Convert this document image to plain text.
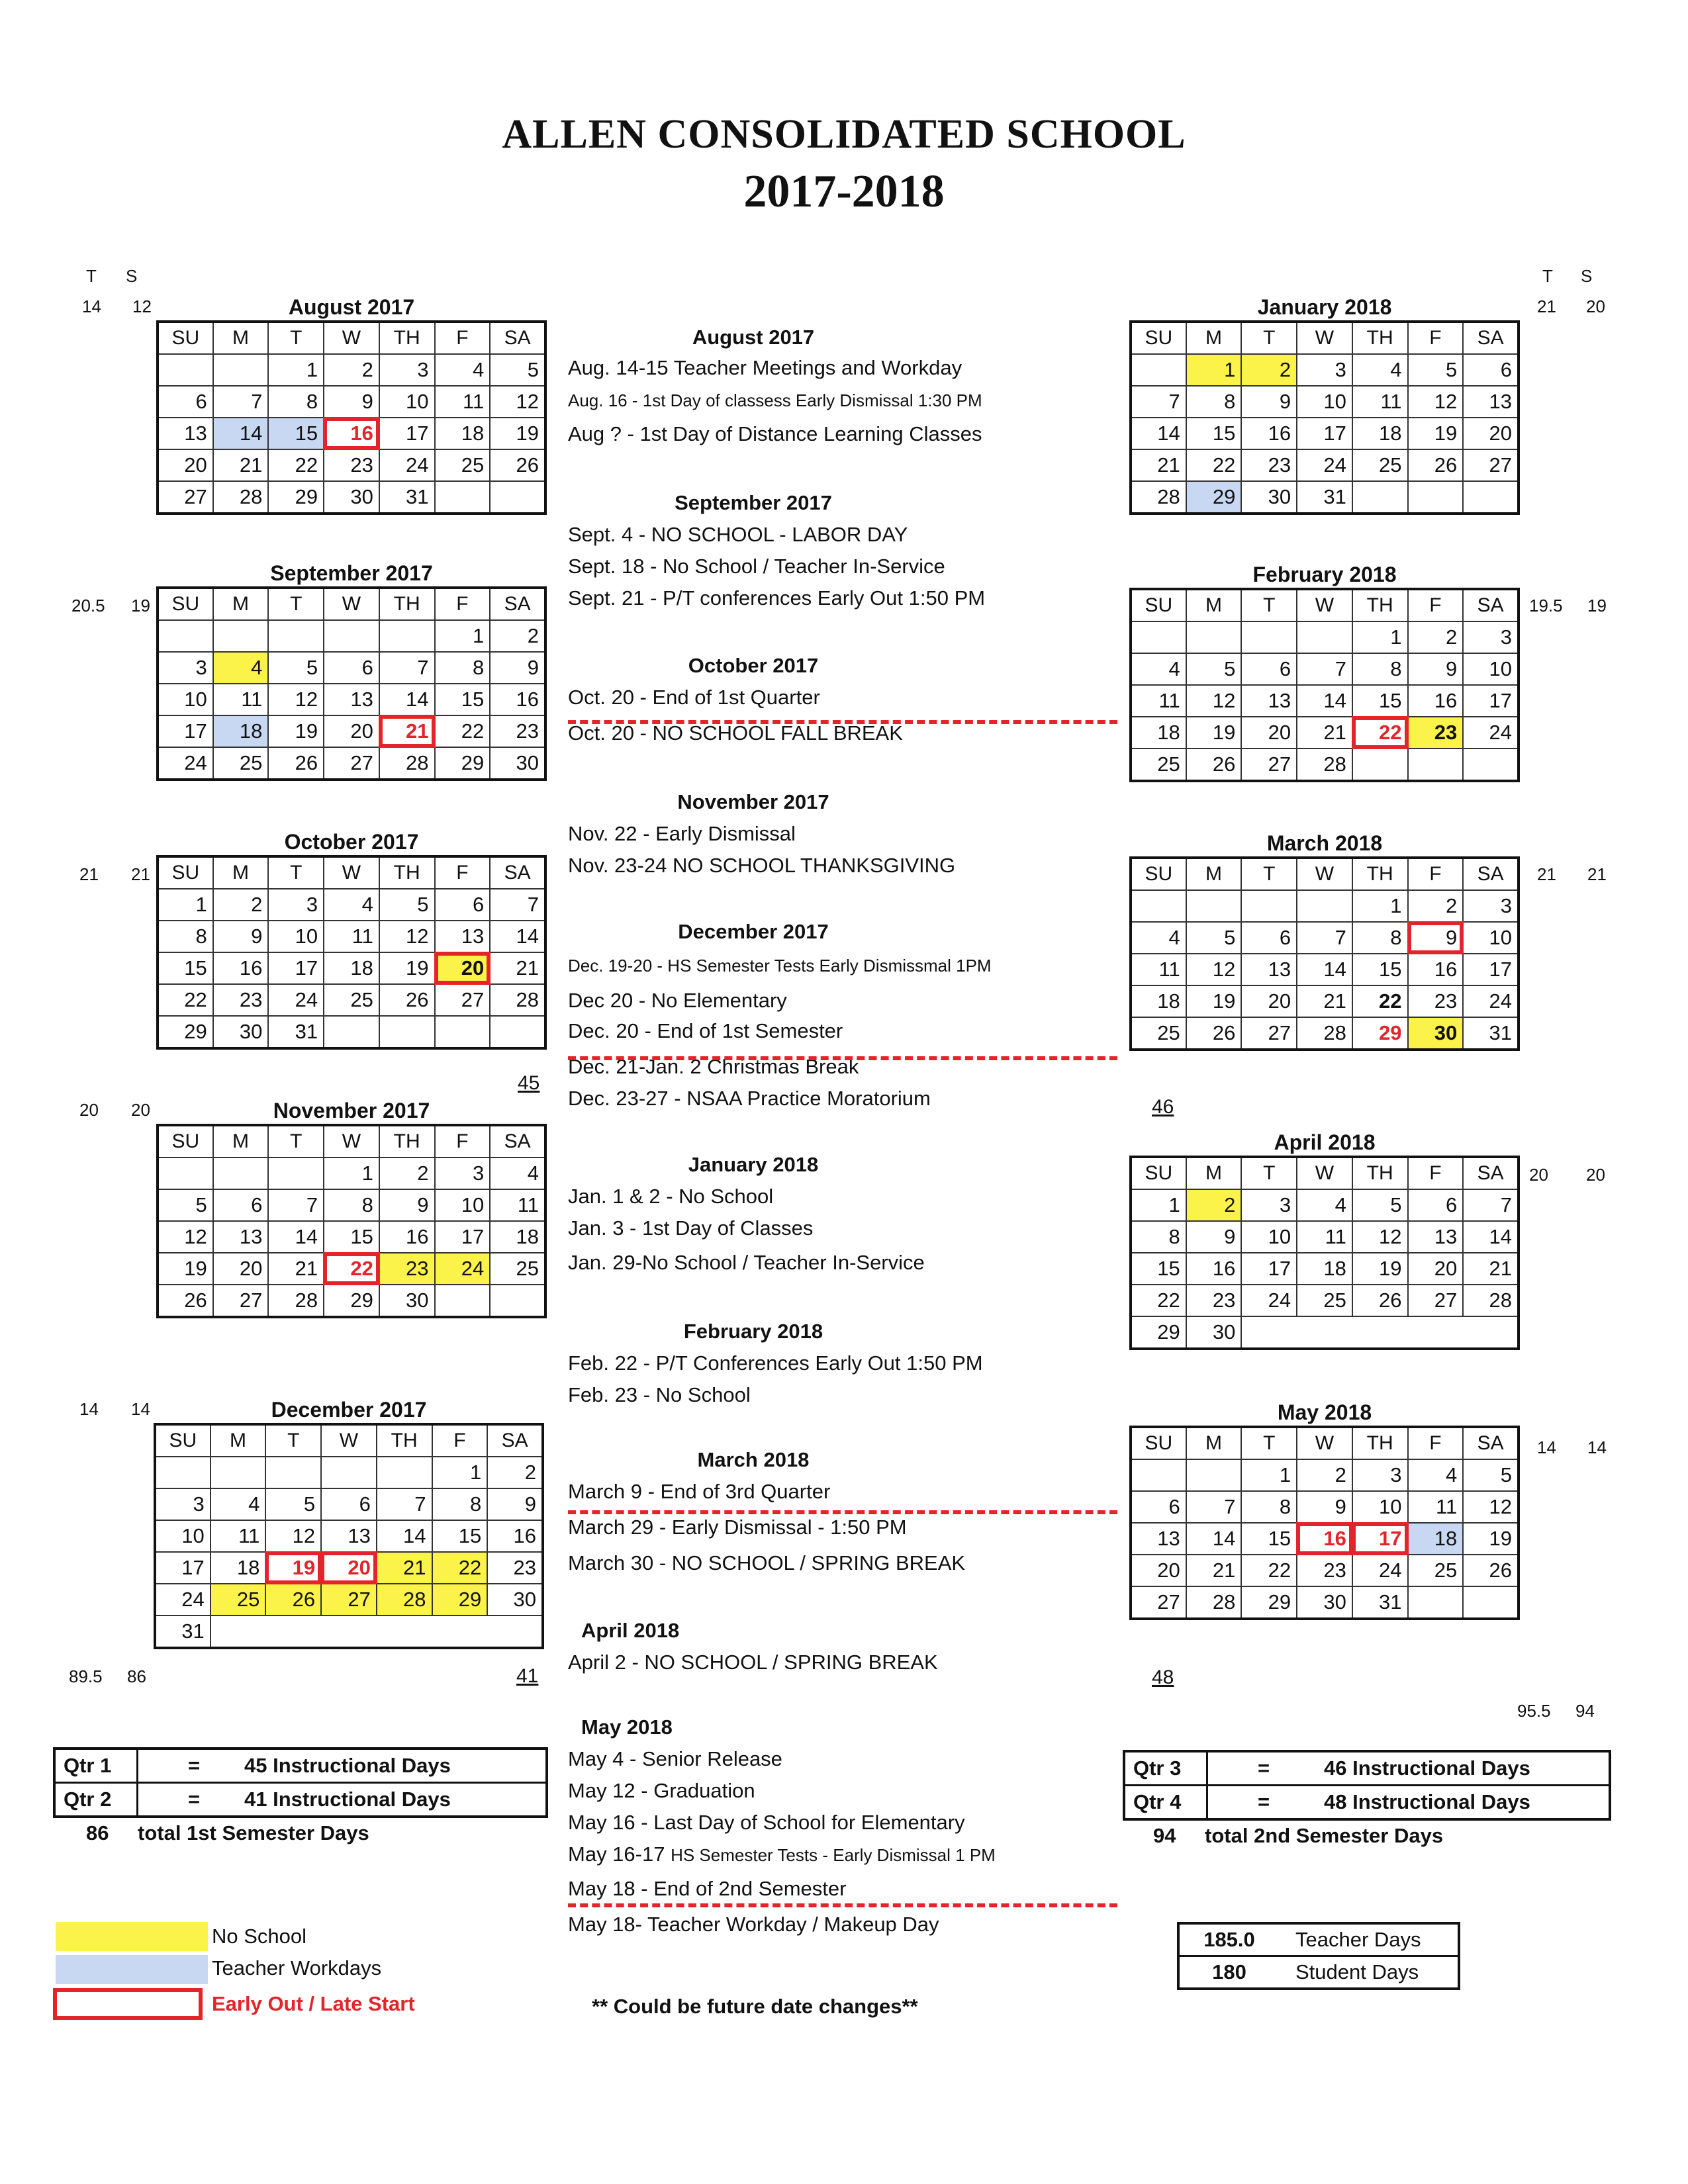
ALLEN CONSOLIDATED SCHOOL
2017-2018
T S	T S
14 12	August 2017
SU	M	T	W	TH	F	SA
		1	2	3	4	5
6	7	8	9	10	11	12
13	14	15	16	17	18	19
20	21	22	23	24	25	26
27	28	29	30	31		
20.5 19
September 2017
SU	M	T	W	TH	F	SA
					1	2
3	4	5	6	7	8	9
10	11	12	13	14	15	16
17	18	19	20	21	22	23
24	25	26	27	28	29	30
21 21
October 2017
SU	M	T	W	TH	F	SA
1	2	3	4	5	6	7
8	9	10	11	12	13	14
15	16	17	18	19	20	21
22	23	24	25	26	27	28
29	30	31				
45
20 20	November 2017
SU	M	T	W	TH	F	SA
			1	2	3	4
5	6	7	8	9	10	11
12	13	14	15	16	17	18
19	20	21	22	23	24	25
26	27	28	29	30		
14 14	December 2017
SU	M	T	W	TH	F	SA
					1	2
3	4	5	6	7	8	9
10	11	12	13	14	15	16
17	18	19	20	21	22	23
24	25	26	27	28	29	30
31						
89.5 86	41
21 20
January 2018
SU	M	T	W	TH	F	SA
	1	2	3	4	5	6
7	8	9	10	11	12	13
14	15	16	17	18	19	20
21	22	23	24	25	26	27
28	29	30	31			
19.5 19
February 2018
SU	M	T	W	TH	F	SA
				1	2	3
4	5	6	7	8	9	10
11	12	13	14	15	16	17
18	19	20	21	22	23	24
25	26	27	28			
21 21
March 2018
SU	M	T	W	TH	F	SA
				1	2	3
4	5	6	7	8	9	10
11	12	13	14	15	16	17
18	19	20	21	22	23	24
25	26	27	28	29	30	31
46
20 20
April 2018
SU	M	T	W	TH	F	SA
1	2	3	4	5	6	7
8	9	10	11	12	13	14
15	16	17	18	19	20	21
22	23	24	25	26	27	28
29	30					
14 14
May 2018
SU	M	T	W	TH	F	SA
		1	2	3	4	5
6	7	8	9	10	11	12
13	14	15	16	17	18	19
20	21	22	23	24	25	26
27	28	29	30	31		
48
95.5 94
August 2017
Aug. 14-15 Teacher Meetings and Workday
Aug. 16 - 1st Day of classess Early Dismissal 1:30 PM
Aug ? - 1st Day of Distance Learning Classes
September 2017
Sept. 4 - NO SCHOOL - LABOR DAY
Sept. 18 - No School / Teacher In-Service
Sept. 21 - P/T conferences Early Out 1:50 PM
October 2017
Oct. 20 - End of 1st Quarter
Oct. 20 - NO SCHOOL FALL BREAK
November 2017
Nov. 22 - Early Dismissal
Nov. 23-24 NO SCHOOL THANKSGIVING
December 2017
Dec. 19-20 - HS Semester Tests Early Dismissmal 1PM
Dec 20 - No Elementary
Dec. 20 - End of 1st Semester
Dec. 21-Jan. 2 Christmas Break
Dec. 23-27 - NSAA Practice Moratorium
January 2018
Jan. 1 & 2 - No School
Jan. 3 - 1st Day of Classes
Jan. 29-No School / Teacher In-Service
February 2018
Feb. 22 - P/T Conferences Early Out 1:50 PM
Feb. 23 - No School
March 2018
March 9 - End of 3rd Quarter
March 29 - Early Dismissal - 1:50 PM
March 30 - NO SCHOOL / SPRING BREAK
April 2018
April 2 - NO SCHOOL / SPRING BREAK
May 2018
May 4 - Senior Release
May 12 - Graduation
May 16 - Last Day of School for Elementary
May 16-17 HS Semester Tests - Early Dismissal 1 PM
May 18 - End of 2nd Semester
May 18- Teacher Workday / Makeup Day
Qtr 1	= 45 Instructional Days
Qtr 2	= 41 Instructional Days
86 total 1st Semester Days
Qtr 3	=	46 Instructional Days
Qtr 4	=	48 Instructional Days
94 total 2nd Semester Days
No School
Teacher Workdays
Early Out / Late Start
185.0	Teacher Days
180	Student Days
** Could be future date changes**
